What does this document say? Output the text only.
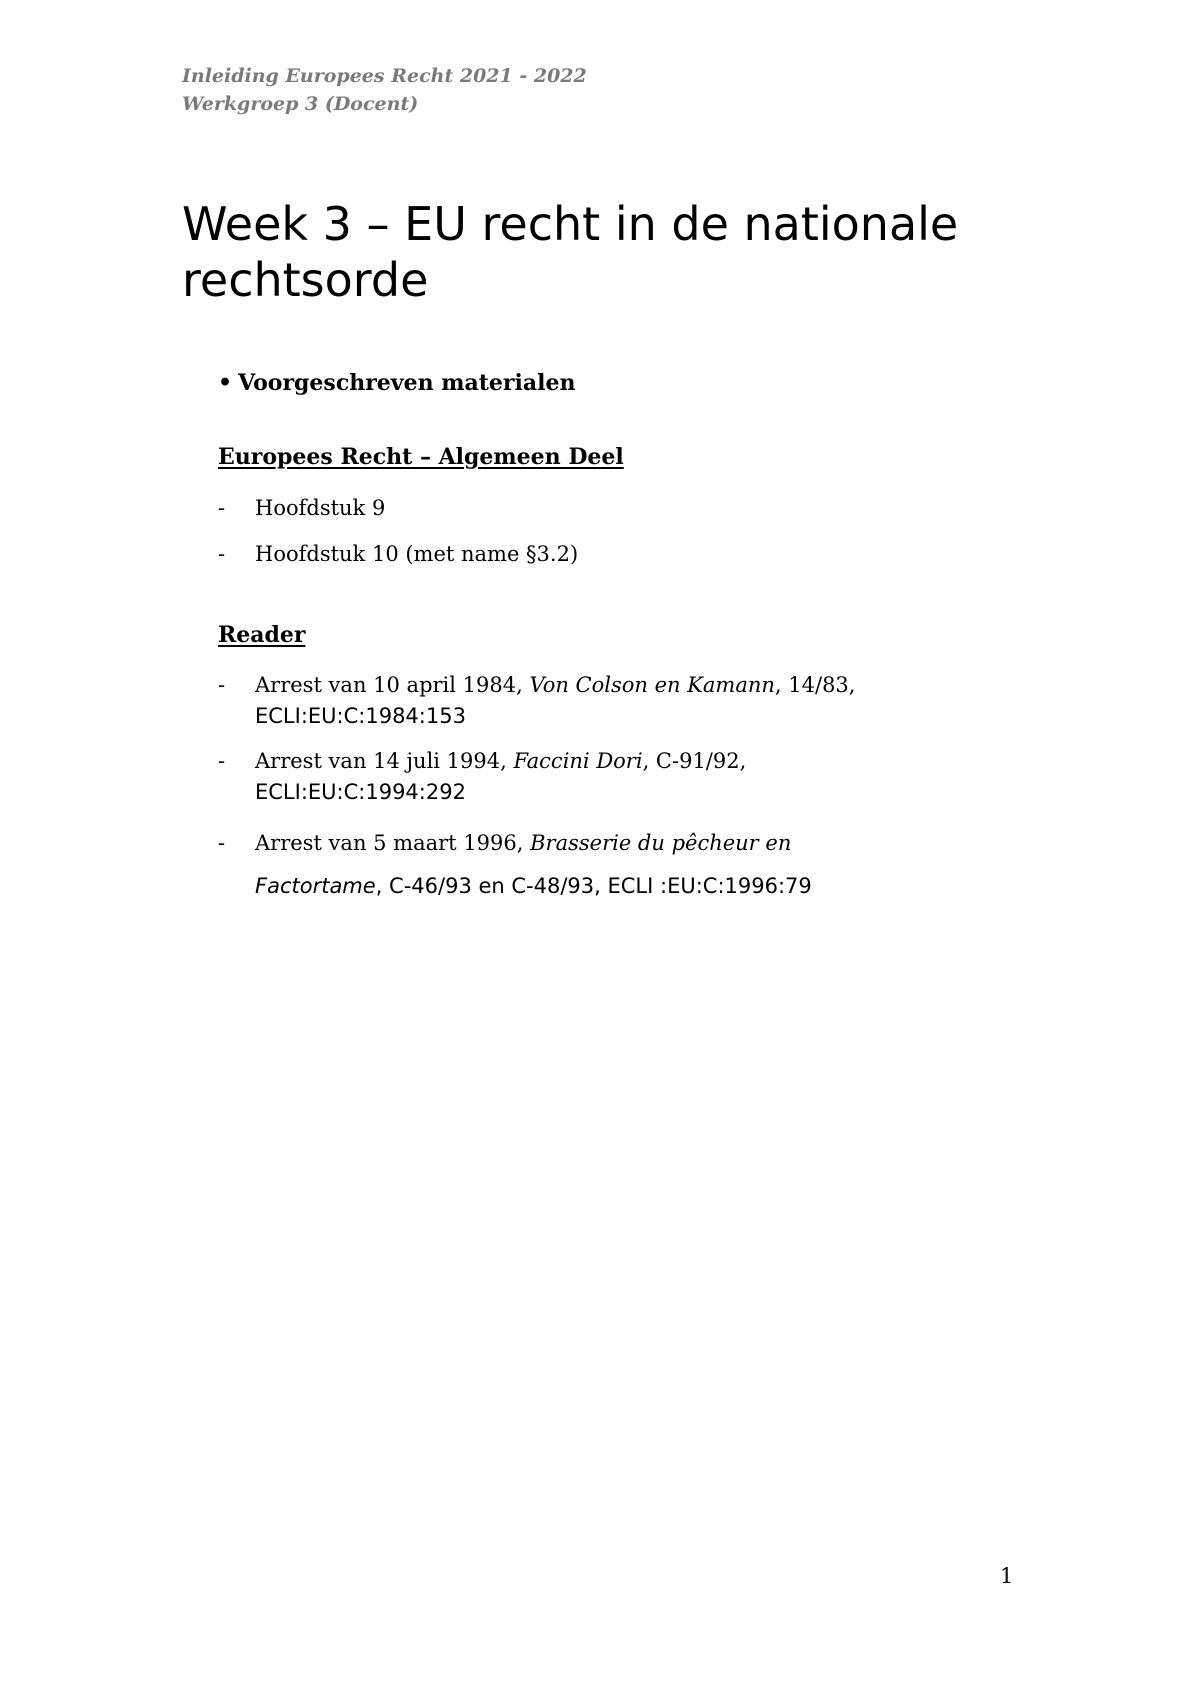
Inleiding Europees Recht 2021 - 2022
Werkgroep 3 (Docent)
Week 3 – EU recht in de nationale rechtsorde
• Voorgeschreven materialen
Europees Recht – Algemeen Deel
- Hoofdstuk 9
- Hoofdstuk 10 (met name §3.2)
Reader
- Arrest van 10 april 1984, Von Colson en Kamann, 14/83,
ECLI:EU:C:1984:153
- Arrest van 14 juli 1994, Faccini Dori, C-91/92,
ECLI:EU:C:1994:292
- Arrest van 5 maart 1996, Brasserie du pêcheur en
Factortame, C-46/93 en C-48/93, ECLI :EU:C:1996:79
1
